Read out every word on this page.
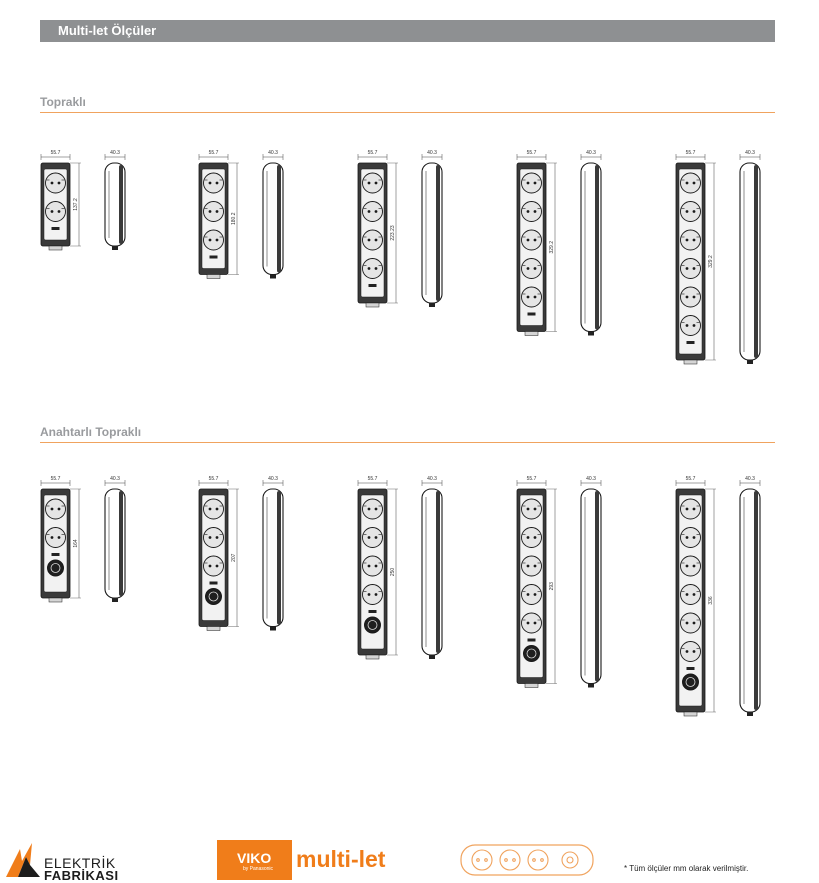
Multi-let Ölçüler
Topraklı
Anahtarlı Topraklı
55.7
137.2
40.3	55.7
180.2
40.3	55.7
223.23
40.3	55.7
329.2
40.3	55.7
329.2
40.3
55.7
164
40.3	55.7
207
40.3	55.7
250
40.3	55.7
293
40.3	55.7
336
40.3
ELEKTRİK
FABRİKASI
VIKO
by Panasonic multi-let	* Tüm ölçüler mm olarak verilmiştir.
